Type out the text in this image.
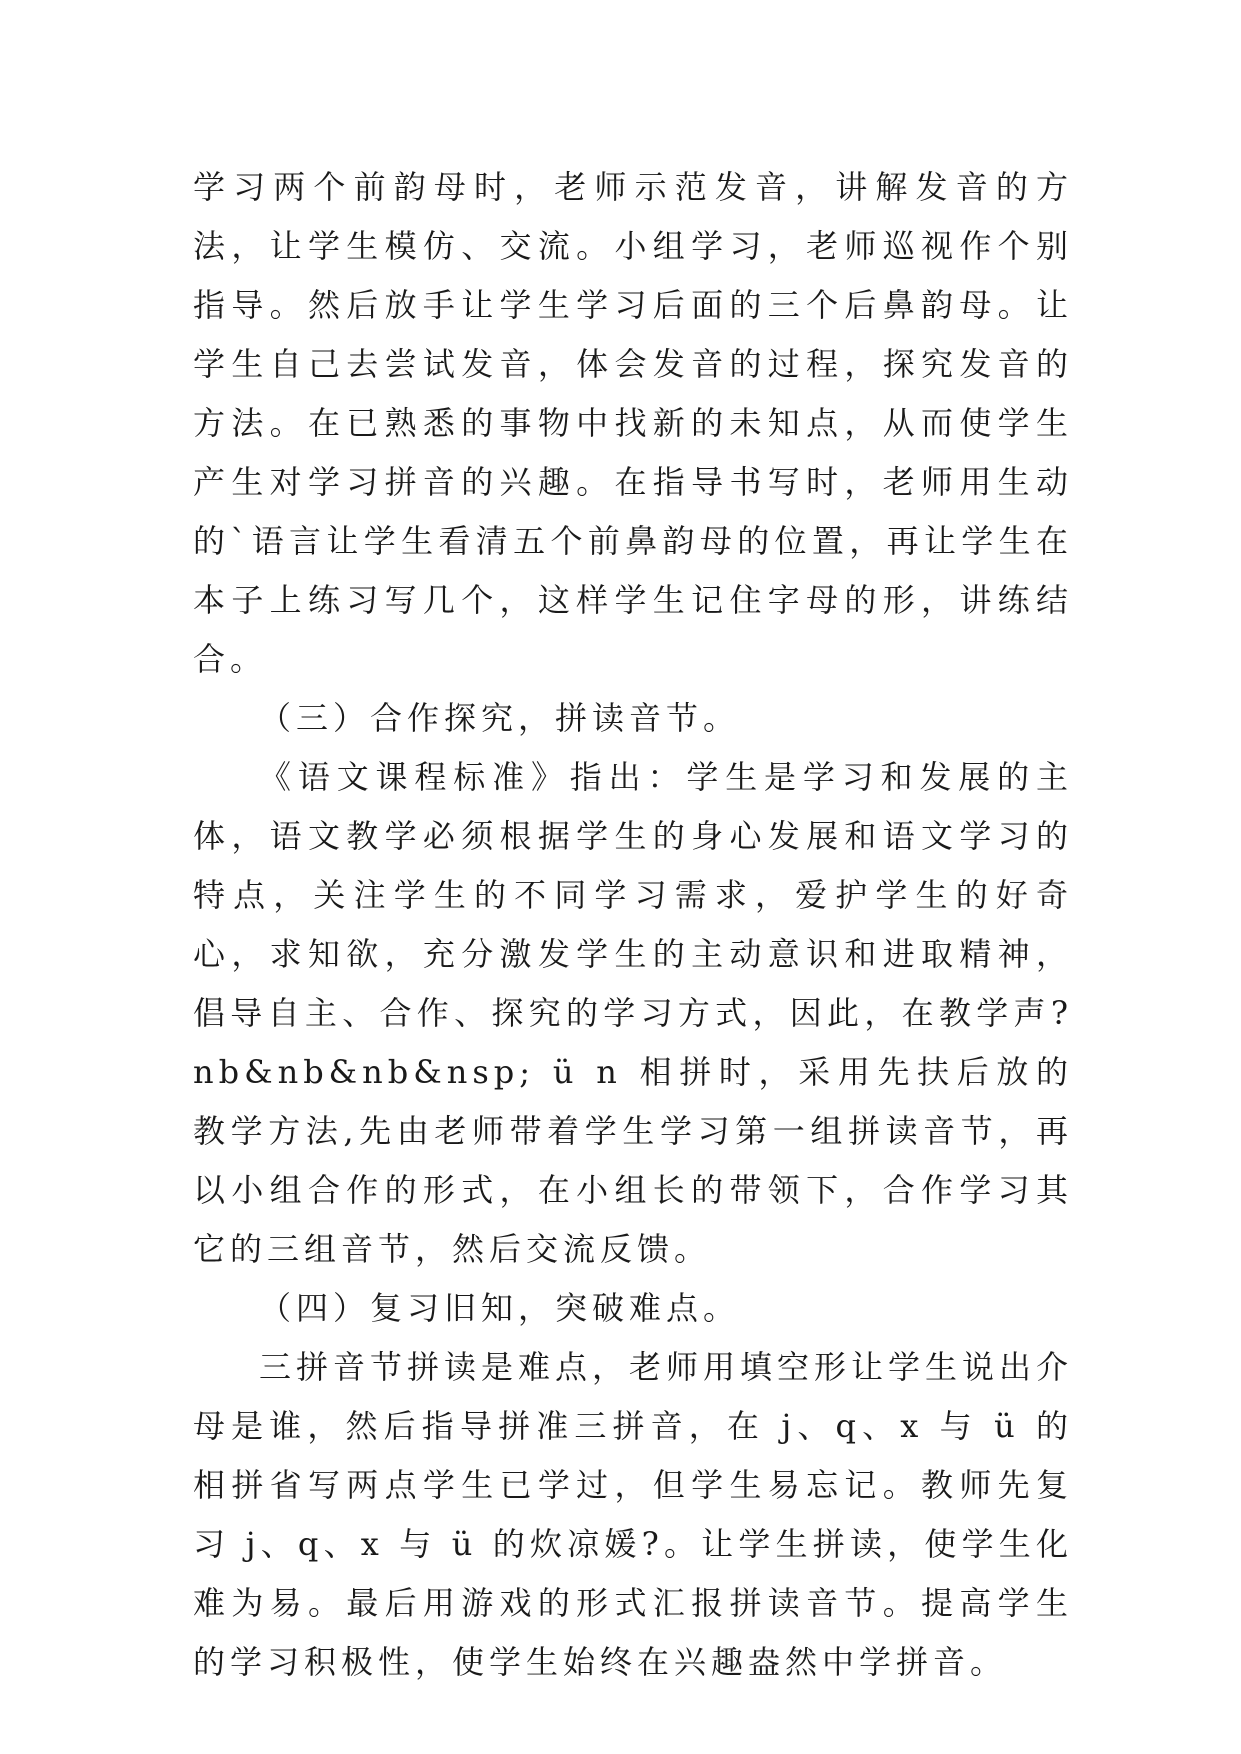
学习两个前韵母时，老师示范发音，讲解发音的方法，让学生模仿、交流。小组学习，老师巡视作个别指导。然后放手让学生学习后面的三个后鼻韵母。让学生自己去尝试发音，体会发音的过程，探究发音的方法。在已熟悉的事物中找新的未知点，从而使学生产生对学习拼音的兴趣。在指导书写时，老师用生动的`语言让学生看清五个前鼻韵母的位置，再让学生在本子上练习写几个，这样学生记住字母的形，讲练结合。

（三）合作探究，拼读音节。

《语文课程标准》指出：学生是学习和发展的主体，语文教学必须根据学生的身心发展和语文学习的特点，关注学生的不同学习需求，爱护学生的好奇心，求知欲，充分激发学生的主动意识和进取精神，倡导自主、合作、探究的学习方式，因此，在教学声?nb&nb&nb&nsp; ü n 相拼时，采用先扶后放的教学方法,先由老师带着学生学习第一组拼读音节，再以小组合作的形式，在小组长的带领下，合作学习其它的三组音节，然后交流反馈。

（四）复习旧知，突破难点。

三拼音节拼读是难点，老师用填空形让学生说出介母是谁，然后指导拼准三拼音，在 j、q、x 与 ü 的相拼省写两点学生已学过，但学生易忘记。教师先复习 j、q、x 与 ü 的炊凉媛?。让学生拼读，使学生化难为易。最后用游戏的形式汇报拼读音节。提高学生的学习积极性，使学生始终在兴趣盎然中学拼音。
